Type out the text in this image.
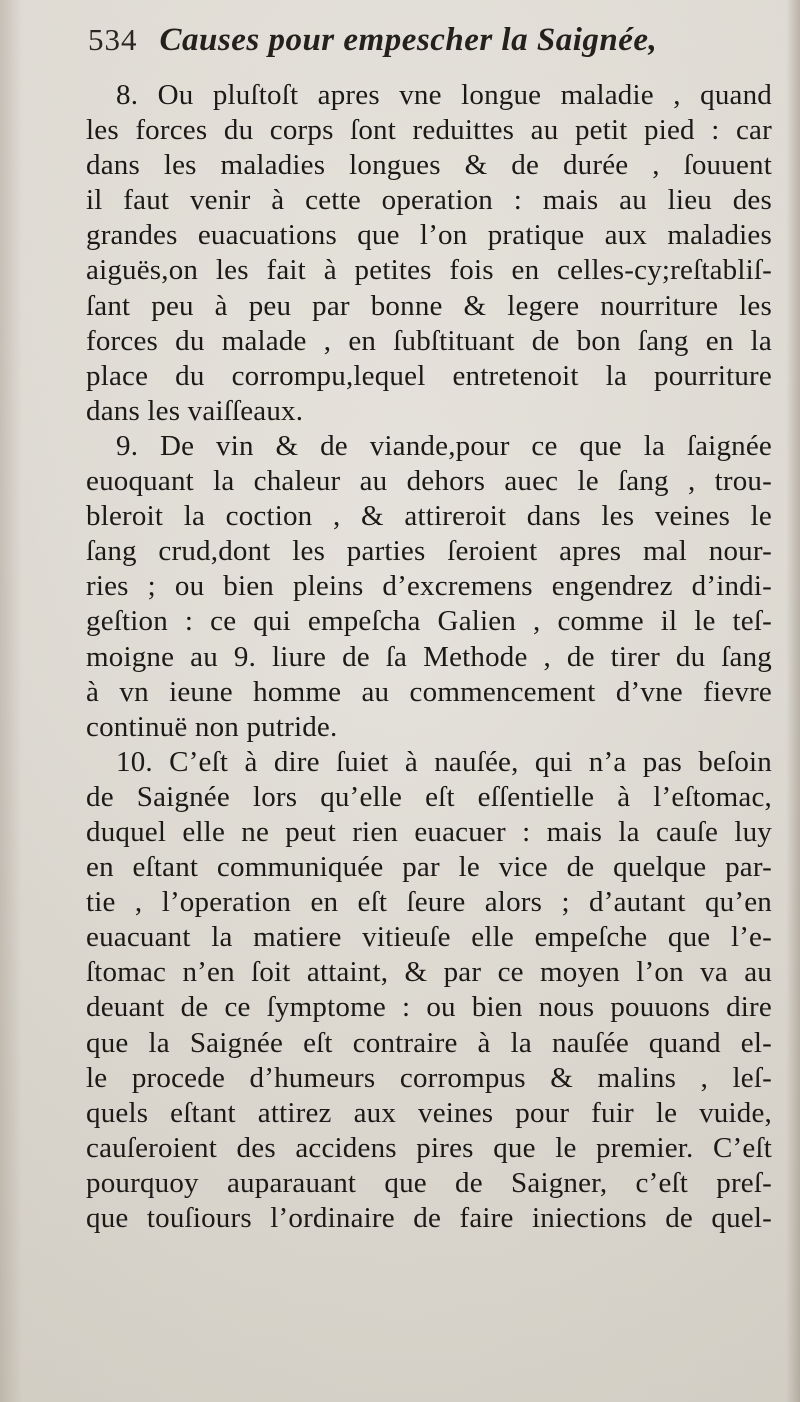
534 Causes pour empescher la Saignée,
8. Ou pluſtoſt apres vne longue maladie , quand
les forces du corps ſont reduittes au petit pied : car
dans les maladies longues & de durée , ſouuent
il faut venir à cette operation : mais au lieu des
grandes euacuations que l’on pratique aux maladies
aiguës,on les fait à petites fois en celles-cy;reſtabliſ-
ſant peu à peu par bonne & legere nourriture les
forces du malade , en ſubſtituant de bon ſang en la
place du corrompu,lequel entretenoit la pourriture
dans les vaiſſeaux.
9. De vin & de viande,pour ce que la ſaignée
euoquant la chaleur au dehors auec le ſang , trou-
bleroit la coction , & attireroit dans les veines le
ſang crud,dont les parties ſeroient apres mal nour-
ries ; ou bien pleins d’excremens engendrez d’indi-
geſtion : ce qui empeſcha Galien , comme il le teſ-
moigne au 9. liure de ſa Methode , de tirer du ſang
à vn ieune homme au commencement d’vne fievre
continuë non putride.
10. C’eſt à dire ſuiet à nauſée, qui n’a pas beſoin
de Saignée lors qu’elle eſt eſſentielle à l’eſtomac,
duquel elle ne peut rien euacuer : mais la cauſe luy
en eſtant communiquée par le vice de quelque par-
tie , l’operation en eſt ſeure alors ; d’autant qu’en
euacuant la matiere vitieuſe elle empeſche que l’e-
ſtomac n’en ſoit attaint, & par ce moyen l’on va au
deuant de ce ſymptome : ou bien nous pouuons dire
que la Saignée eſt contraire à la nauſée quand el-
le procede d’humeurs corrompus & malins , leſ-
quels eſtant attirez aux veines pour fuir le vuide,
cauſeroient des accidens pires que le premier. C’eſt
pourquoy auparauant que de Saigner, c’eſt preſ-
que touſiours l’ordinaire de faire iniections de quel-
